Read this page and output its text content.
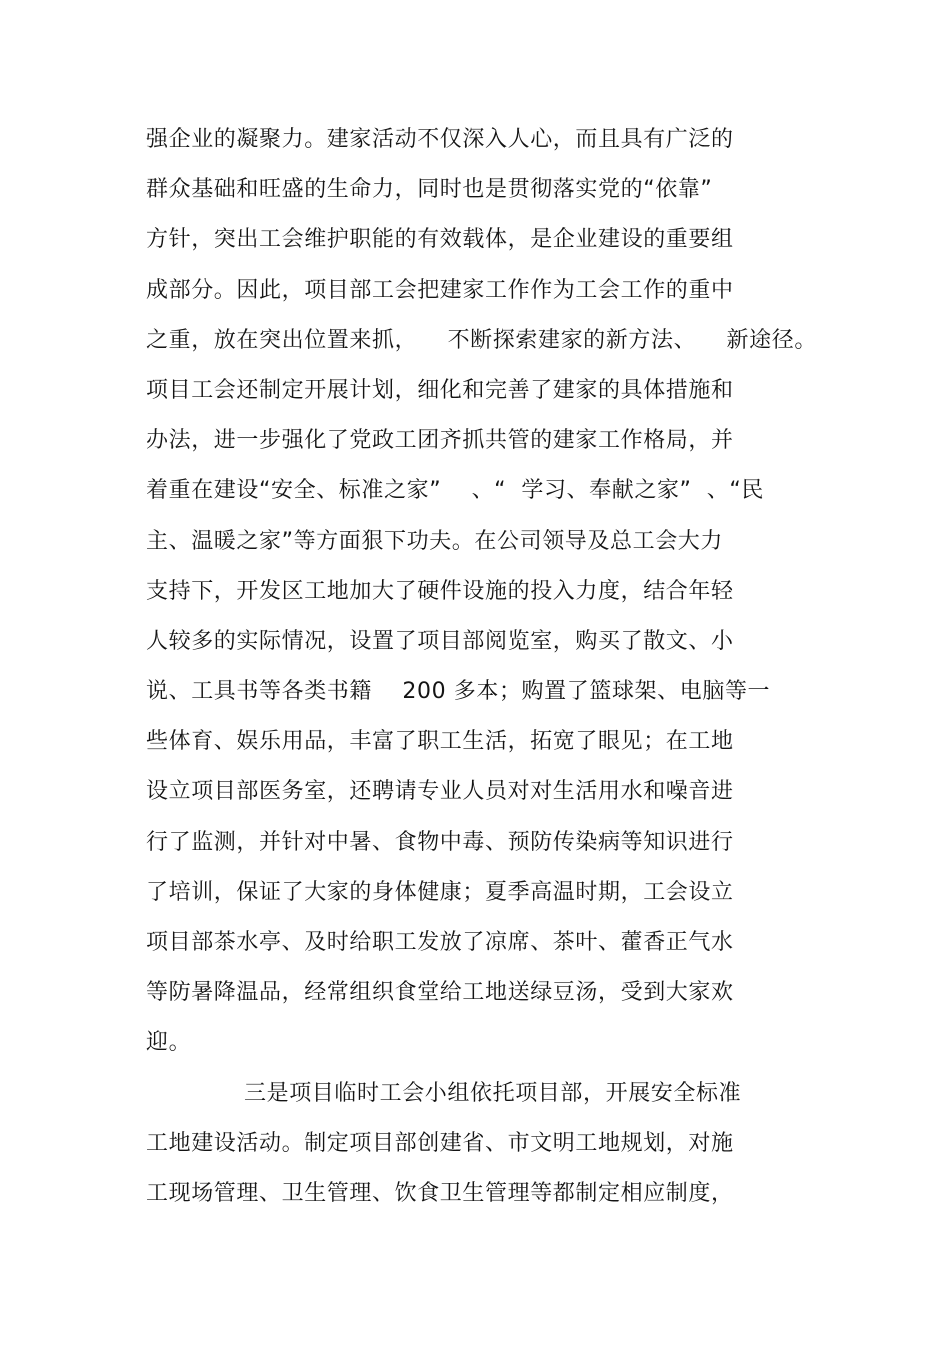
强企业的凝聚力。建家活动不仅深入人心，而且具有广泛的
群众基础和旺盛的生命力，同时也是贯彻落实党的“依靠”
方针，突出工会维护职能的有效载体，是企业建设的重要组
成部分。因此，项目部工会把建家工作作为工会工作的重中
之重，放在突出位置来抓，    不断探索建家的新方法、    新途径。
项目工会还制定开展计划，细化和完善了建家的具体措施和
办法，进一步强化了党政工团齐抓共管的建家工作格局，并
着重在建设“安全、标准之家”    、“  学习、奉献之家”  、“民
主、温暖之家”等方面狠下功夫。在公司领导及总工会大力
支持下，开发区工地加大了硬件设施的投入力度，结合年轻
人较多的实际情况，设置了项目部阅览室，购买了散文、小
说、工具书等各类书籍    200 多本；购置了篮球架、电脑等一
些体育、娱乐用品，丰富了职工生活，拓宽了眼见；在工地
设立项目部医务室，还聘请专业人员对对生活用水和噪音进
行了监测，并针对中暑、食物中毒、预防传染病等知识进行
了培训，保证了大家的身体健康；夏季高温时期，工会设立
项目部茶水亭、及时给职工发放了凉席、茶叶、藿香正气水
等防暑降温品，经常组织食堂给工地送绿豆汤，受到大家欢
迎。
三是项目临时工会小组依托项目部，开展安全标准
工地建设活动。制定项目部创建省、市文明工地规划，对施
工现场管理、卫生管理、饮食卫生管理等都制定相应制度，
